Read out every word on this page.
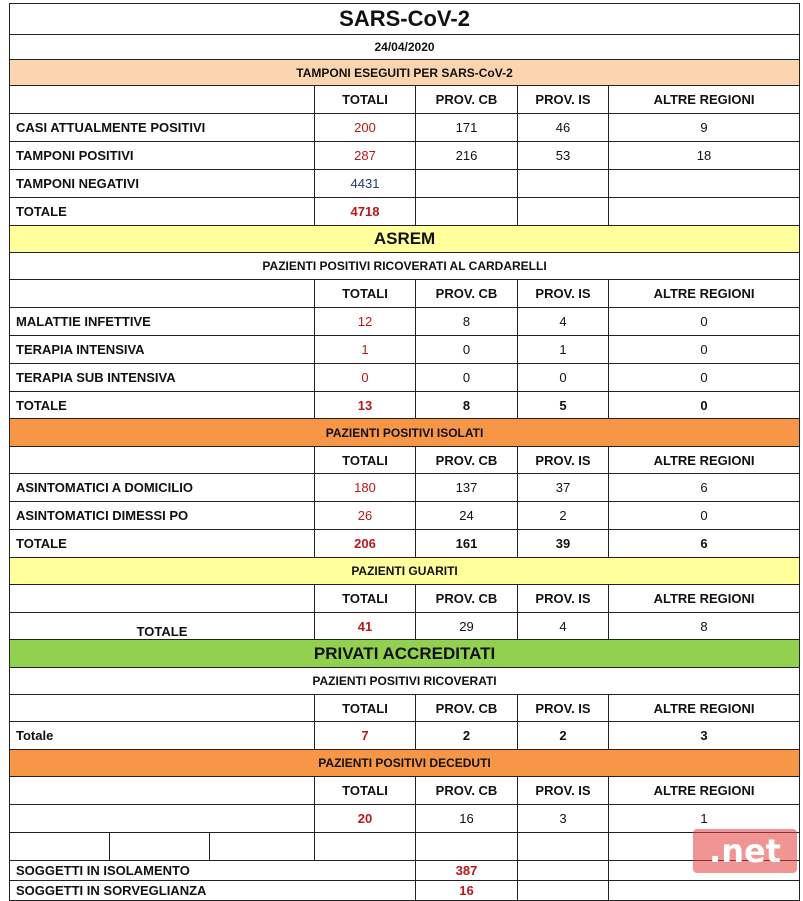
SARS-CoV-2						
24/04/2020						
TAMPONI ESEGUITI PER SARS-CoV-2						
			TOTALI	PROV. CB	PROV. IS	ALTRE REGIONI
CASI ATTUALMENTE POSITIVI			200	171	46	9
TAMPONI POSITIVI			287	216	53	18
TAMPONI NEGATIVI			4431			
TOTALE			4718			
ASREM						
PAZIENTI POSITIVI RICOVERATI AL CARDARELLI						
			TOTALI	PROV. CB	PROV. IS	ALTRE REGIONI
MALATTIE INFETTIVE			12	8	4	0
TERAPIA INTENSIVA			1	0	1	0
TERAPIA SUB INTENSIVA			0	0	0	0
TOTALE			13	8	5	0
PAZIENTI POSITIVI ISOLATI						
			TOTALI	PROV. CB	PROV. IS	ALTRE REGIONI
ASINTOMATICI A DOMICILIO			180	137	37	6
ASINTOMATICI DIMESSI PO			26	24	2	0
TOTALE			206	161	39	6
PAZIENTI GUARITI						
			TOTALI	PROV. CB	PROV. IS	ALTRE REGIONI
TOTALE			41	29	4	8
PRIVATI ACCREDITATI						
PAZIENTI POSITIVI RICOVERATI						
			TOTALI	PROV. CB	PROV. IS	ALTRE REGIONI
Totale			7	2	2	3
PAZIENTI POSITIVI DECEDUTI						
			TOTALI	PROV. CB	PROV. IS	ALTRE REGIONI
			20	16	3	1

SOGGETTI IN ISOLAMENTO				387		
SOGGETTI IN SORVEGLIANZA				16		
.net
